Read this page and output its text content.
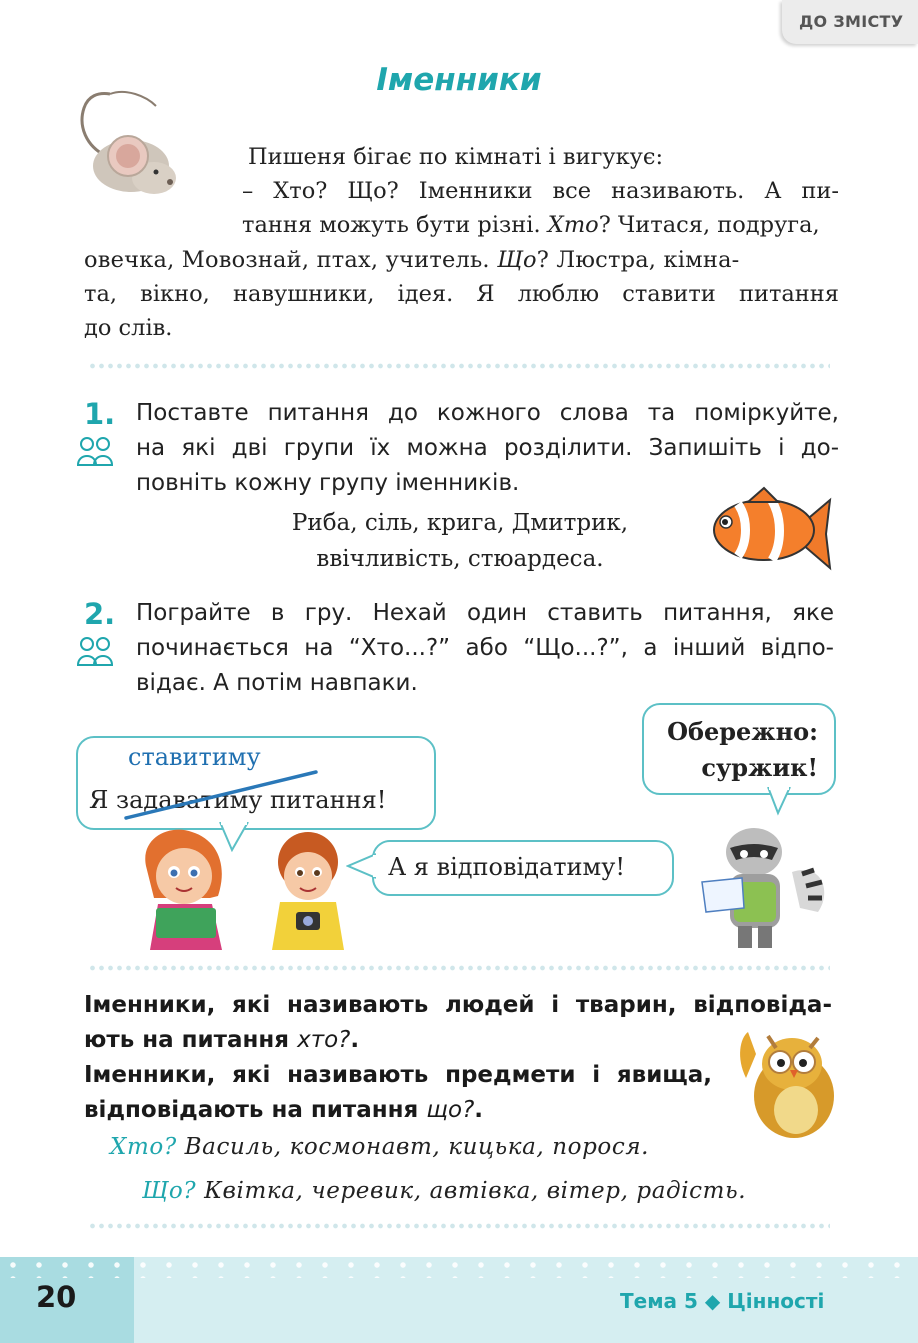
ДО ЗМІСТУ
Іменники
Пишеня бігає по кімнаті і вигукує:
– Хто? Що? Іменники все називають. А пи-
тання можуть бути різні. Хто? Читася, подруга,
овечка, Мовознай, птах, учитель. Що? Люстра, кімна-
та, вікно, навушники, ідея. Я люблю ставити питання
до слів.
1. Поставте питання до кожного слова та поміркуйте,
на які дві групи їх можна розділити. Запишіть і до-
повніть кожну групу іменників.
Риба, сіль, крига, Дмитрик,
ввічливість, стюардеса.
2. Пограйте в гру. Нехай один ставить питання, яке
починається на “Хто...?” або “Що...?”, а інший відпо-
відає. А потім навпаки.
ставитиму
Я задаватиму питання!
А я відповідатиму!
Обережно:
суржик!
Іменники, які називають людей і тварин, відповіда-
ють на питання хто?.
Іменники, які називають предмети і явища,
відповідають на питання що?.
Хто? Василь, космонавт, кицька, порося.
Що? Квітка, черевик, автівка, вітер, радість.
20	Тема 5 ◆ Цінності
